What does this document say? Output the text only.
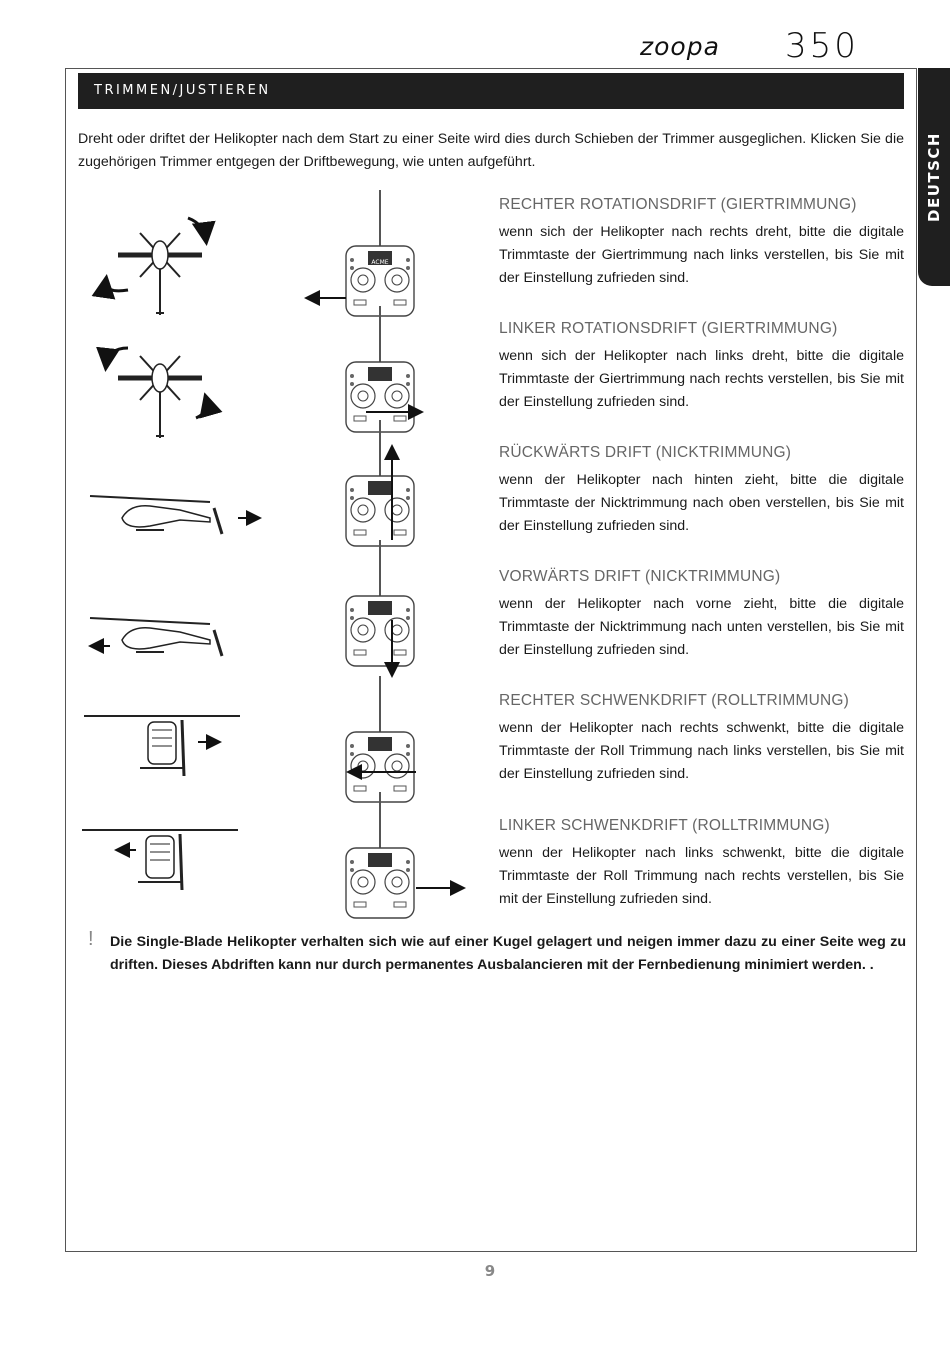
zoopa 350
DEUTSCH
TRIMMEN/JUSTIEREN
Dreht oder driftet der Helikopter nach dem Start zu einer Seite wird dies durch Schieben der Trimmer ausgeglichen. Klicken Sie die zugehörigen Trimmer entgegen der Driftbewegung, wie unten aufgeführt.
ACME
RECHTER ROTATIONSDRIFT (GIERTRIMMUNG)

wenn sich der Helikopter nach rechts dreht, bitte die digitale Trimmtaste der Giertrimmung nach links verstellen, bis Sie mit der Einstellung zufrieden sind.

LINKER ROTATIONSDRIFT (GIERTRIMMUNG)

wenn sich der Helikopter nach links dreht, bitte die digitale Trimmtaste der Giertrimmung nach rechts verstellen, bis Sie mit der Einstellung zufrieden sind.

RÜCKWÄRTS DRIFT (NICKTRIMMUNG)

wenn der Helikopter nach hinten zieht, bitte die digitale Trimmtaste der Nicktrimmung nach oben verstellen, bis Sie mit der Einstellung zufrieden sind.

VORWÄRTS DRIFT (NICKTRIMMUNG)

wenn der Helikopter nach vorne zieht, bitte die digitale Trimmtaste der Nicktrimmung nach unten verstellen, bis Sie mit der Einstellung zufrieden sind.

RECHTER SCHWENKDRIFT (ROLLTRIMMUNG)

wenn der Helikopter nach rechts schwenkt, bitte die digitale Trimmtaste der Roll Trimmung nach links verstellen, bis Sie mit der Einstellung zufrieden sind.

LINKER SCHWENKDRIFT (ROLLTRIMMUNG)

wenn der Helikopter nach links schwenkt, bitte die digitale Trimmtaste der Roll Trimmung nach rechts verstellen, bis Sie mit der Einstellung zufrieden sind.

! Die Single-Blade Helikopter verhalten sich wie auf einer Kugel gelagert und neigen immer dazu zu einer Seite weg zu driften. Dieses Abdriften kann nur durch permanentes Ausbalancieren mit der Fernbedienung minimiert werden. .
9
